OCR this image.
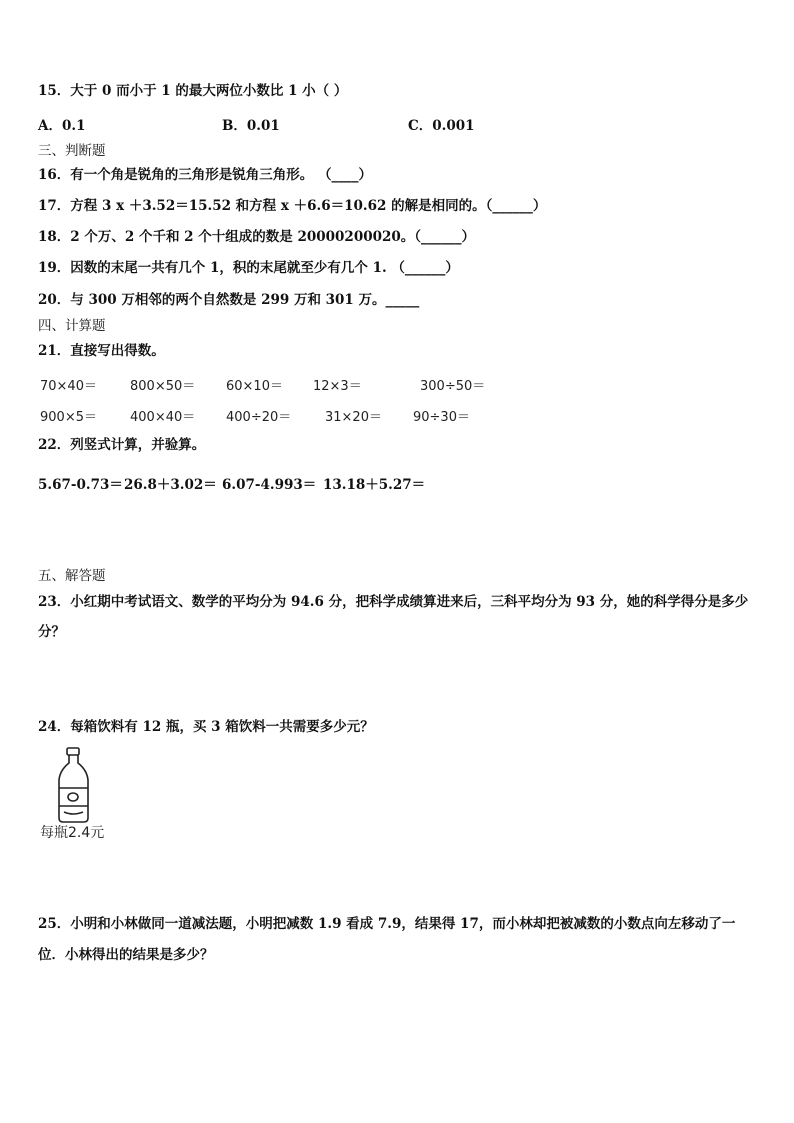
15．大于 0 而小于 1 的最大两位小数比 1 小（ ）
A．0.1	B．0.01	C．0.001
三、判断题
16．有一个角是锐角的三角形是锐角三角形。 （____）
17．方程 3 x ＋3.52＝15.52 和方程 x ＋6.6＝10.62 的解是相同的。（______）
18．2 个万、2 个千和 2 个十组成的数是 20000200020。（______）
19．因数的末尾一共有几个 1，积的末尾就至少有几个 1. （______）
20．与 300 万相邻的两个自然数是 299 万和 301 万。_____
四、计算题
21．直接写出得数。
70×40＝	800×50＝ 60×10＝ 12×3＝	300÷50＝
900×5＝	400×40＝ 400÷20＝	31×20＝ 90÷30＝
22．列竖式计算，并验算。
5.67-0.73＝ 26.8＋3.02＝ 6.07-4.993＝ 13.18＋5.27＝
五、解答题
23．小红期中考试语文、数学的平均分为 94.6 分，把科学成绩算进来后，三科平均分为 93 分，她的科学得分是多少
分？
24．每箱饮料有 12 瓶，买 3 箱饮料一共需要多少元？
每瓶2.4元
25．小明和小林做同一道减法题，小明把减数 1.9 看成 7.9，结果得 17，而小林却把被减数的小数点向左移动了一
位．小林得出的结果是多少？
